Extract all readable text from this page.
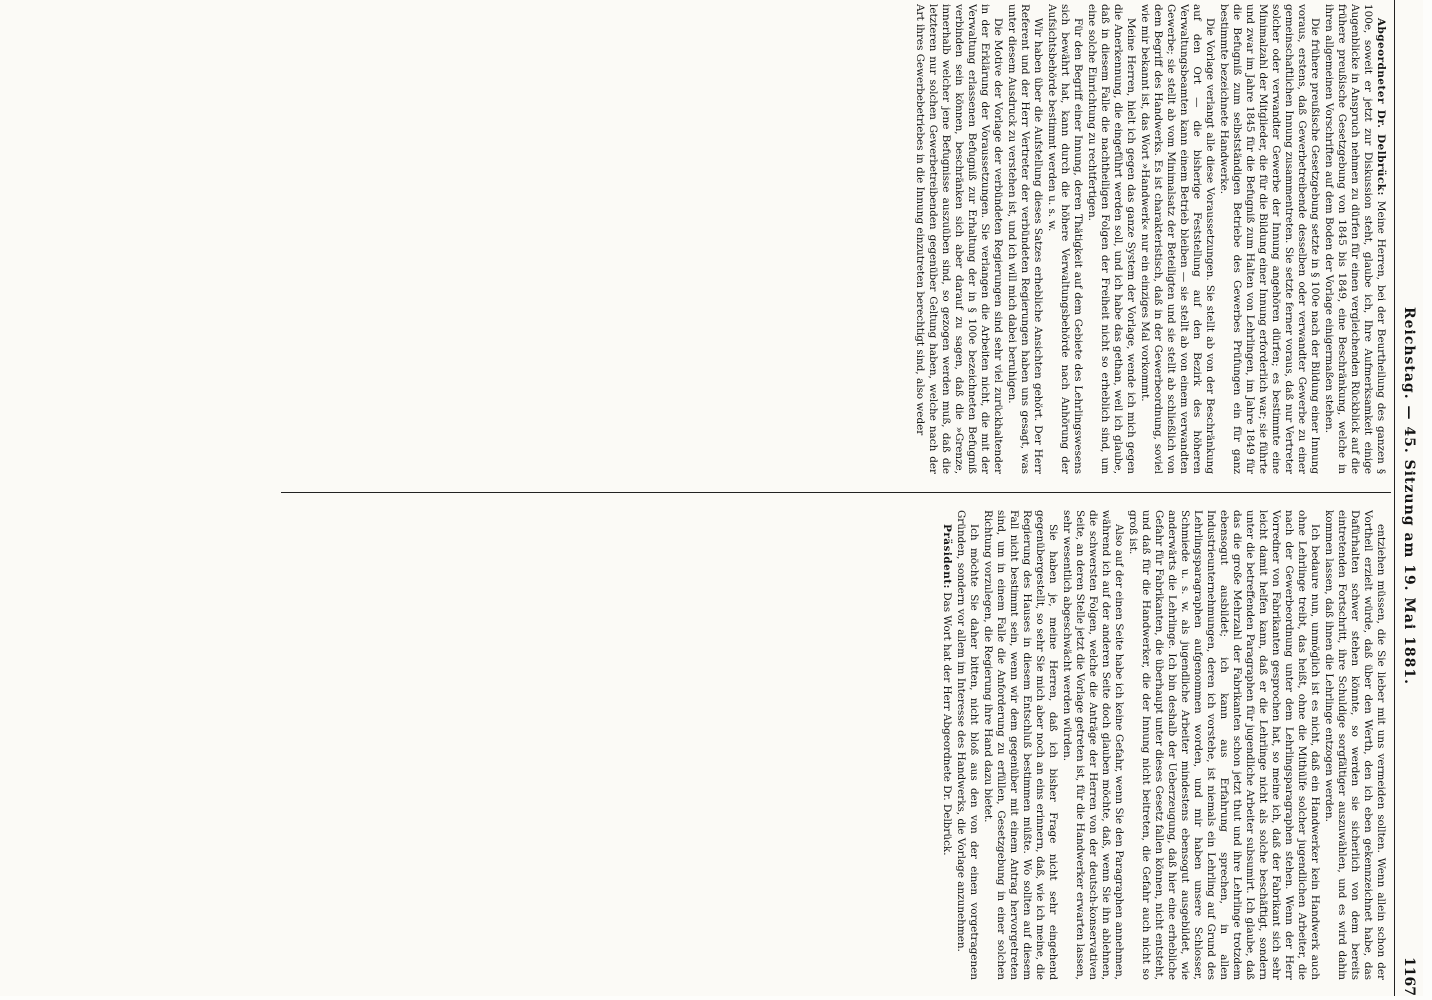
Reichstag. — 45. Sitzung am 19. Mai 1881.
1167

Abgeordneter Dr. Delbrück: Meine Herren, bei der Beurtheilung des ganzen § 100e, soweit er jetzt zur Diskussion steht, glaube ich, Ihre Aufmerksamkeit einige Augenblicke in Anspruch nehmen zu dürfen für einen vergleichenden Rückblick auf die frühere preußische Gesetzgebung von 1845 bis 1849, eine Beschränkung, welche in ihren allgemeinen Vorschriften auf dem Boden der Vorlage einigermaßen stehen.

Die frühere preußische Gesetzgebung setzte in § 100e nach der Bildung einer Innung voraus, erstens, daß Gewerbetreibende desselben oder verwandter Gewerbe zu einer gemeinschaftlichen Innung zusammentreten. Sie setzte ferner voraus, daß nur Vertreter solcher oder verwandter Gewerbe der Innung angehören dürfen; es bestimmte eine Minimalzahl der Mitglieder, die für die Bildung einer Innung erforderlich war; sie führte und zwar im Jahre 1845 für die Befugniß zum Halten von Lehrlingen, im Jahre 1849 für die Befugniß zum selbstständigen Betriebe des Gewerbes Prüfungen ein für ganz bestimmte bezeichnete Handwerke.

Die Vorlage verlangt alle diese Voraussetzungen. Sie stellt ab von der Beschränkung auf den Ort — die bisherige Feststellung auf den Bezirk des höheren Verwaltungsbeamten kann einem Betrieb bleiben — sie stellt ab von einem verwandten Gewerbe; sie stellt ab vom Minimalsatz der Beteiligten und sie stellt ab schließlich von dem Begriff des Handwerks. Es ist charakteristisch, daß in der Gewerbeordnung, soviel wie mir bekannt ist, das Wort »Handwerk« nur ein einziges Mal vorkommt.

Meine Herren, hielt ich gegen das ganze System der Vorlage, wende ich mich gegen die Anerkennung, die eingeführt werden soll, und ich habe das gethan, weil ich glaube, daß in diesem Falle die nachtheiligen Folgen der Freiheit nicht so erheblich sind, um eine solche Einrichtung zu rechtfertigen.

Für den Begriff einer Innung, deren Thätigkeit auf dem Gebiete des Lehrlingswesens sich bewährt hat, kann durch die höhere Verwaltungsbehörde nach Anhörung der Aufsichtsbehörde bestimmt werden u. s. w.

Wir haben über die Aufstellung dieses Satzes erhebliche Ansichten gehört. Der Herr Referent und der Herr Vertreter der verbündeten Regierungen haben uns gesagt, was unter diesem Ausdruck zu verstehen ist, und ich will mich dabei beruhigen.

Die Motive der Vorlage der verbündeten Regierungen sind sehr viel zurückhaltender in der Erklärung der Voraussetzungen. Sie verlangen die Arbeiten nicht, die mit der Verwaltung erlassenen Befugniß zur Erhaltung der in § 100e bezeichneten Befugniß verbinden sein können, beschränken sich aber darauf zu sagen, daß die »Grenze, innerhalb welcher jene Befugnisse auszuüben sind, so gezogen werden muß, daß die letzteren nur solchen Gewerbetreibenden gegenüber Geltung haben, welche nach der Art ihres Gewerbebetriebes in die Innung einzutreten berechtigt sind, also weder

entziehen müssen, die Sie lieber mit uns vermeiden sollten. Wenn allein schon der Vortheil erzielt würde, daß über den Werth, den ich eben gekennzeichnet habe, das Dafürhalten schwer stehen könnte, so werden sie sicherlich von dem bereits eintretenden Fortschritt, ihre Schuldige sorgfältiger auszuwählen, und es wird dahin kommen lassen, daß ihnen die Lehrlinge entzogen werden.

Ich bedaure nun, unmöglich ist es nicht, daß ein Handwerker kein Handwerk auch ohne Lehrlinge treibt, das heißt, ohne die Mithülfe solcher jugendlichen Arbeiter, die nach der Gewerbeordnung unter dem Lehrlingsparagraphen stehen. Wenn der Herr Vorredner von Fabrikanten gesprochen hat, so meine ich, daß der Fabrikant sich sehr leicht damit helfen kann, daß er die Lehrlinge nicht als solche beschäftigt, sondern unter die betreffenden Paragraphen für jugendliche Arbeiter subsumirt. Ich glaube, daß das die große Mehrzahl der Fabrikanten schon jetzt thut und ihre Lehrlinge trotzdem ebensogut ausbildet; ich kann aus Erfahrung sprechen, in allen Industrieunternehmungen, deren ich vorstehe, ist niemals ein Lehrling auf Grund des Lehrlingsparagraphen aufgenommen worden, und mir haben unsere Schlosser, Schmiede u. s. w. als jugendliche Arbeiter mindestens ebensogut ausgebildet, wie anderwärts die Lehrlinge. Ich bin deshalb der Ueberzeugung, daß hier eine erhebliche Gefahr für Fabrikanten, die überhaupt unter dieses Gesetz fallen können, nicht entsteht, und daß für die Handwerker, die der Innung nicht beitreten, die Gefahr auch nicht so groß ist.

Also auf der einen Seite habe ich keine Gefahr, wenn Sie den Paragraphen annehmen, während ich auf der anderen Seite doch glauben möchte, daß, wenn Sie ihn ablehnen, die schwersten Folgen, welche die Anträge der Herren von der deutsch-konservativen Seite, an deren Stelle jetzt die Vorlage getreten ist, für die Handwerker erwarten lassen, sehr wesentlich abgeschwächt werden würden.

Sie haben je, meine Herren, daß ich bisher Frage nicht sehr eingehend gegenübergestellt, so sehr Sie mich aber noch an eins erinnern, daß, wie ich meine, die Regierung des Hauses in diesem Entschluß bestimmen müßte. Wo sollten auf diesem Fall nicht bestimmt sein, wenn wir dem gegenüber mit einem Antrag hervorgetreten sind, um in einem Falle die Anforderung zu erfüllen, Gesetzgebung in einer solchen Richtung vorzulegen, die Regierung ihre Hand dazu bietet.

Ich möchte Sie daher bitten, nicht bloß aus den von der einen vorgetragenen Gründen, sondern vor allem im Interesse des Handwerks, die Vorlage anzunehmen.

Präsident: Das Wort hat der Herr Abgeordnete Dr. Delbrück.
